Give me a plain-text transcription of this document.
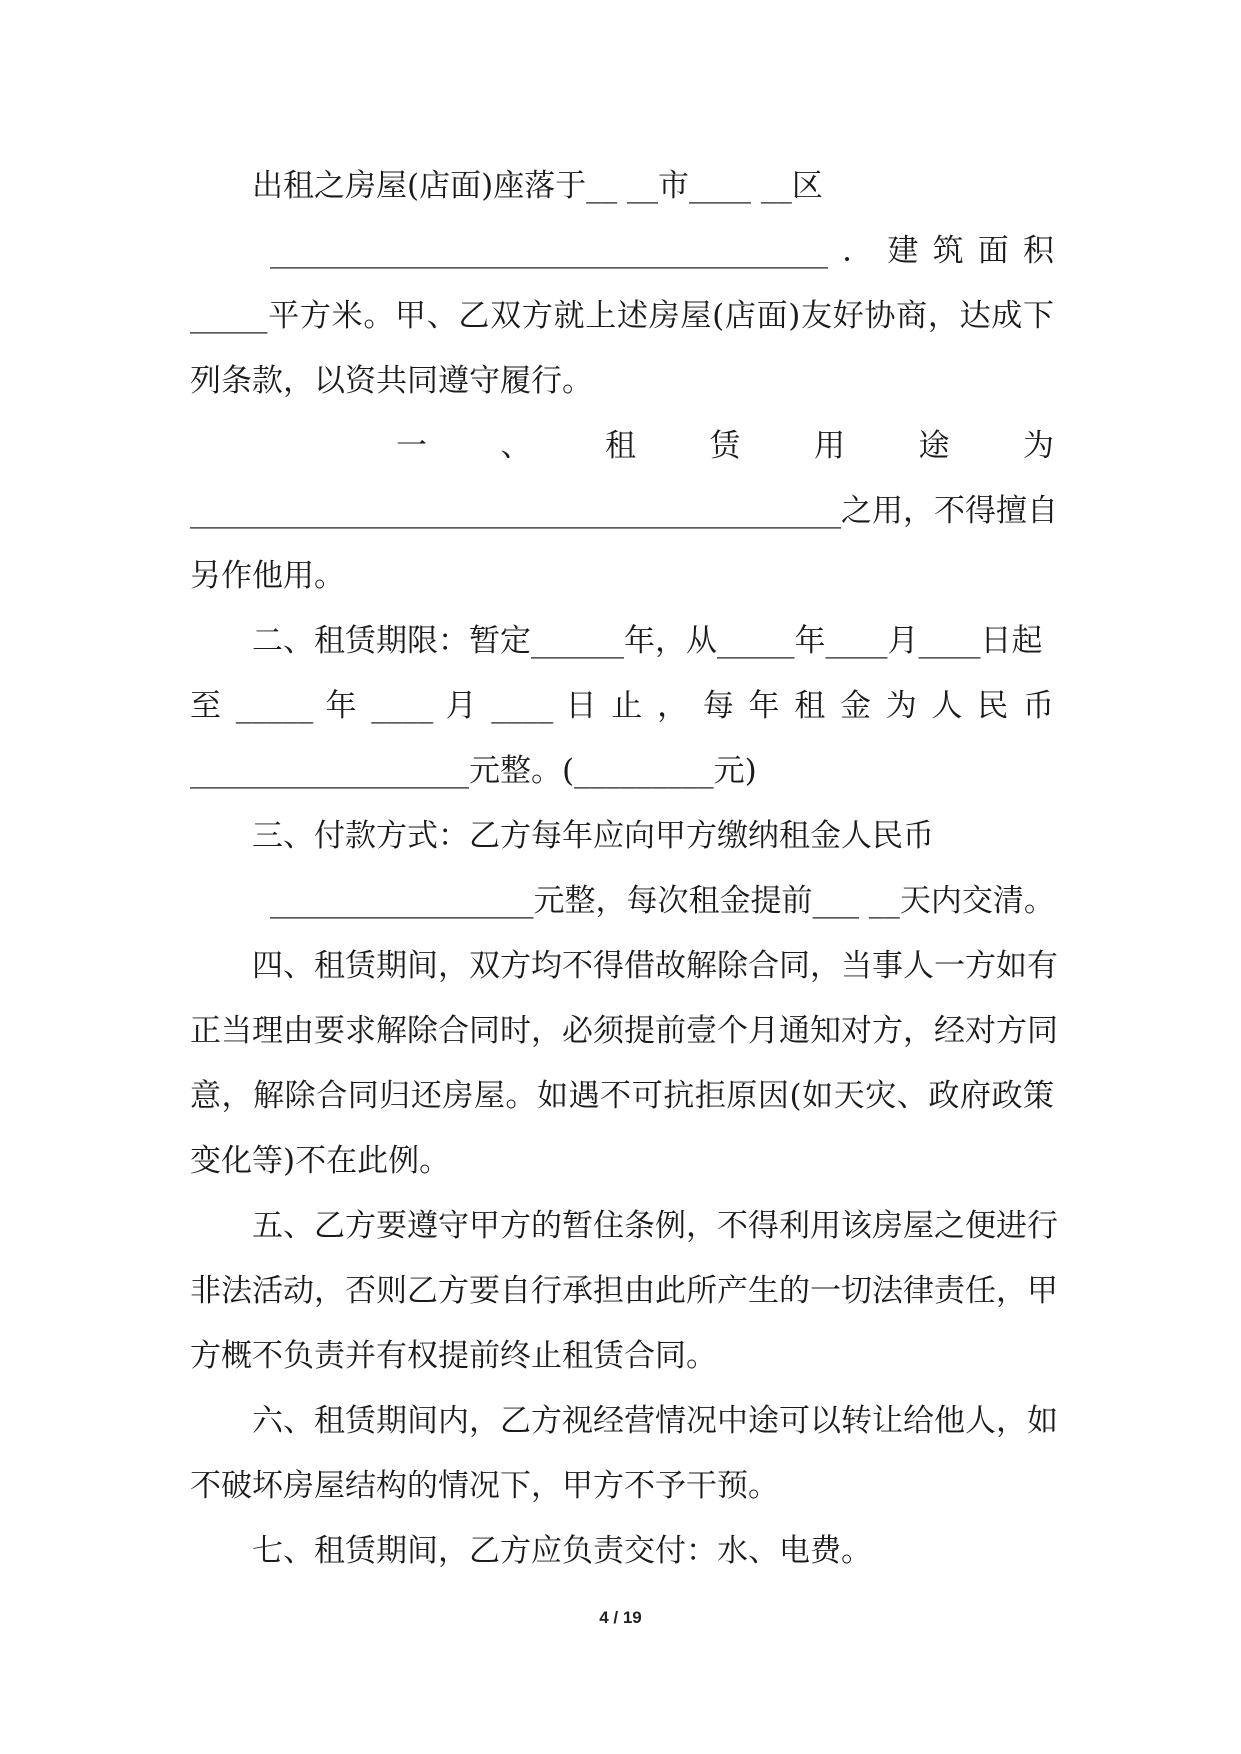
出租之房屋(店面)座落于__ __市____ __区
____________________________________．建筑面积
_____平方米。甲、乙双方就上述房屋(店面)友好协商，达成下
列条款，以资共同遵守履行。
一 、 租 赁 用 途 为
__________________________________________之用，不得擅自
另作他用。
二、租赁期限：暂定______年，从_____年____月____日起
至 _____ 年 ____ 月 ____ 日 止 ， 每 年 租 金 为 人 民 币
__________________元整。(_________元)
三、付款方式：乙方每年应向甲方缴纳租金人民币
_________________元整，每次租金提前___ __天内交清。
四、租赁期间，双方均不得借故解除合同，当事人一方如有
正当理由要求解除合同时，必须提前壹个月通知对方，经对方同
意，解除合同归还房屋。如遇不可抗拒原因(如天灾、政府政策
变化等)不在此例。
五、乙方要遵守甲方的暂住条例，不得利用该房屋之便进行
非法活动，否则乙方要自行承担由此所产生的一切法律责任，甲
方概不负责并有权提前终止租赁合同。
六、租赁期间内，乙方视经营情况中途可以转让给他人，如
不破坏房屋结构的情况下，甲方不予干预。
七、租赁期间，乙方应负责交付：水、电费。
4 / 19
